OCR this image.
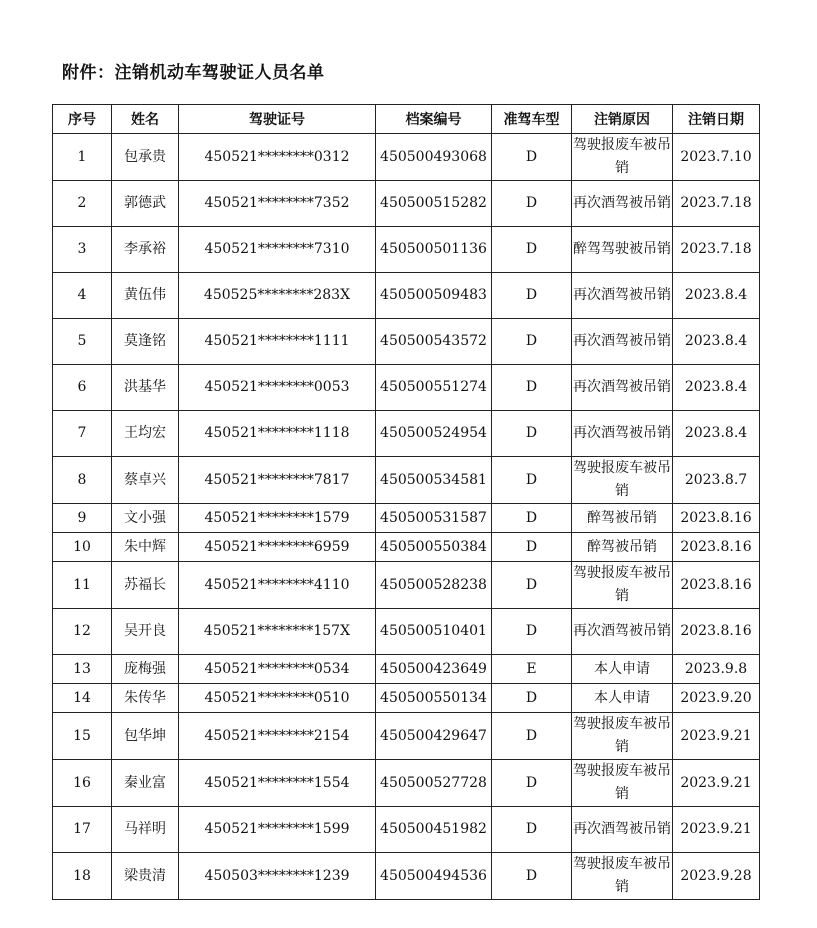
附件：注销机动车驾驶证人员名单
序号	姓名	驾驶证号	档案编号	准驾车型	注销原因	注销日期
1	包承贵	450521********0312	450500493068	D	驾驶报废车被吊销	2023.7.10
2	郭德武	450521********7352	450500515282	D	再次酒驾被吊销	2023.7.18
3	李承裕	450521********7310	450500501136	D	醉驾驾驶被吊销	2023.7.18
4	黄伍伟	450525********283X	450500509483	D	再次酒驾被吊销	2023.8.4
5	莫逢铭	450521********1111	450500543572	D	再次酒驾被吊销	2023.8.4
6	洪基华	450521********0053	450500551274	D	再次酒驾被吊销	2023.8.4
7	王均宏	450521********1118	450500524954	D	再次酒驾被吊销	2023.8.4
8	蔡卓兴	450521********7817	450500534581	D	驾驶报废车被吊销	2023.8.7
9	文小强	450521********1579	450500531587	D	醉驾被吊销	2023.8.16
10	朱中辉	450521********6959	450500550384	D	醉驾被吊销	2023.8.16
11	苏福长	450521********4110	450500528238	D	驾驶报废车被吊销	2023.8.16
12	吴开良	450521********157X	450500510401	D	再次酒驾被吊销	2023.8.16
13	庞梅强	450521********0534	450500423649	E	本人申请	2023.9.8
14	朱传华	450521********0510	450500550134	D	本人申请	2023.9.20
15	包华坤	450521********2154	450500429647	D	驾驶报废车被吊销	2023.9.21
16	秦业富	450521********1554	450500527728	D	驾驶报废车被吊销	2023.9.21
17	马祥明	450521********1599	450500451982	D	再次酒驾被吊销	2023.9.21
18	梁贵清	450503********1239	450500494536	D	驾驶报废车被吊销	2023.9.28
